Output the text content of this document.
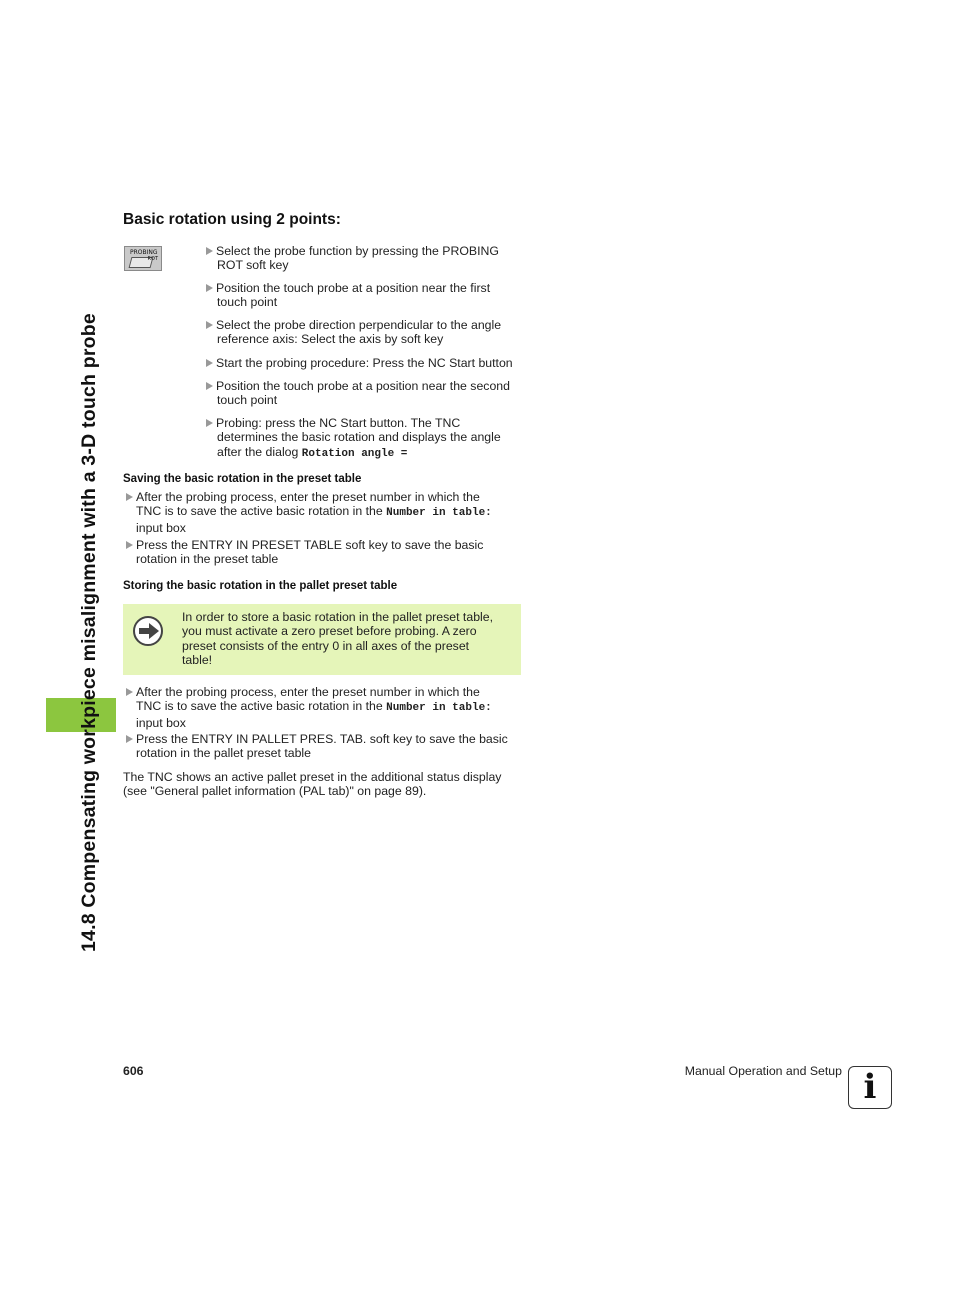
14.8 Compensating workpiece misalignment with a 3-D touch probe
Basic rotation using 2 points:
PROBING
ROT
Select the probe function by pressing the PROBING
ROT soft key
Position the touch probe at a position near the first
touch point
Select the probe direction perpendicular to the angle
reference axis: Select the axis by soft key
Start the probing procedure: Press the NC Start button
Position the touch probe at a position near the second
touch point
Probing: press the NC Start button. The TNC
determines the basic rotation and displays the angle
after the dialog Rotation angle =
Saving the basic rotation in the preset table
After the probing process, enter the preset number in which the
TNC is to save the active basic rotation in the Number in table:
input box
Press the ENTRY IN PRESET TABLE soft key to save the basic
rotation in the preset table
Storing the basic rotation in the pallet preset table
In order to store a basic rotation in the pallet preset table,
you must activate a zero preset before probing. A zero
preset consists of the entry 0 in all axes of the preset
table!
After the probing process, enter the preset number in which the
TNC is to save the active basic rotation in the Number in table:
input box
Press the ENTRY IN PALLET PRES. TAB. soft key to save the basic
rotation in the pallet preset table
The TNC shows an active pallet preset in the additional status display
(see "General pallet information (PAL tab)" on page 89).
606	Manual Operation and Setup i
